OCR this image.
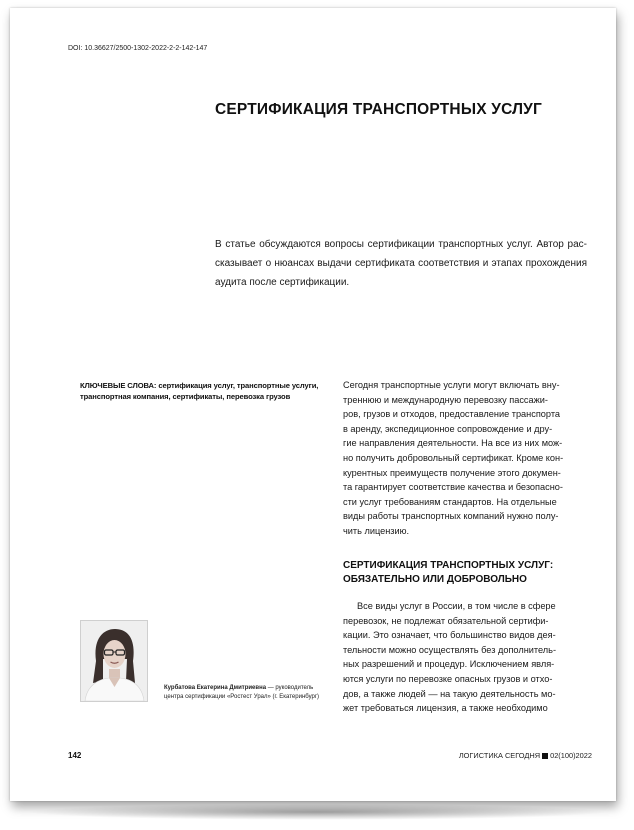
DOI: 10.36627/2500-1302-2022-2-2-142-147
СЕРТИФИКАЦИЯ ТРАНСПОРТНЫХ УСЛУГ
В статье обсуждаются вопросы сертификации транспортных услуг. Автор рас-
сказывает о нюансах выдачи сертификата соответствия и этапах прохождения
аудита после сертификации.

КЛЮЧЕВЫЕ СЛОВА: сертификация услуг, транспортные услуги, транспортная компания, сертификаты, перевозка грузов

Сегодня транспортные услуги могут включать вну-
треннюю и международную перевозку пассажи-
ров, грузов и отходов, предоставление транспорта
в аренду, экспедиционное сопровождение и дру-
гие направления деятельности. На все из них мож-
но получить добровольный сертификат. Кроме кон-
курентных преимуществ получение этого докумен-
та гарантирует соответствие качества и безопасно-
сти услуг требованиям стандартов. На отдельные
виды работы транспортных компаний нужно полу-
чить лицензию.
СЕРТИФИКАЦИЯ ТРАНСПОРТНЫХ УСЛУГ:
ОБЯЗАТЕЛЬНО ИЛИ ДОБРОВОЛЬНО
Все виды услуг в России, в том числе в сфере
перевозок, не подлежат обязательной сертифи-
кации. Это означает, что большинство видов дея-
тельности можно осуществлять без дополнитель-
ных разрешений и процедур. Исключением явля-
ются услуги по перевозке опасных грузов и отхо-
дов, а также людей — на такую деятельность мо-
жет требоваться лицензия, а также необходимо

Курбатова Екатерина Дмитриевна — руководитель центра сертификации «Ростест Урал» (г. Екатеринбург)

142	ЛОГИСТИКА СЕГОДНЯ 02(100)2022
